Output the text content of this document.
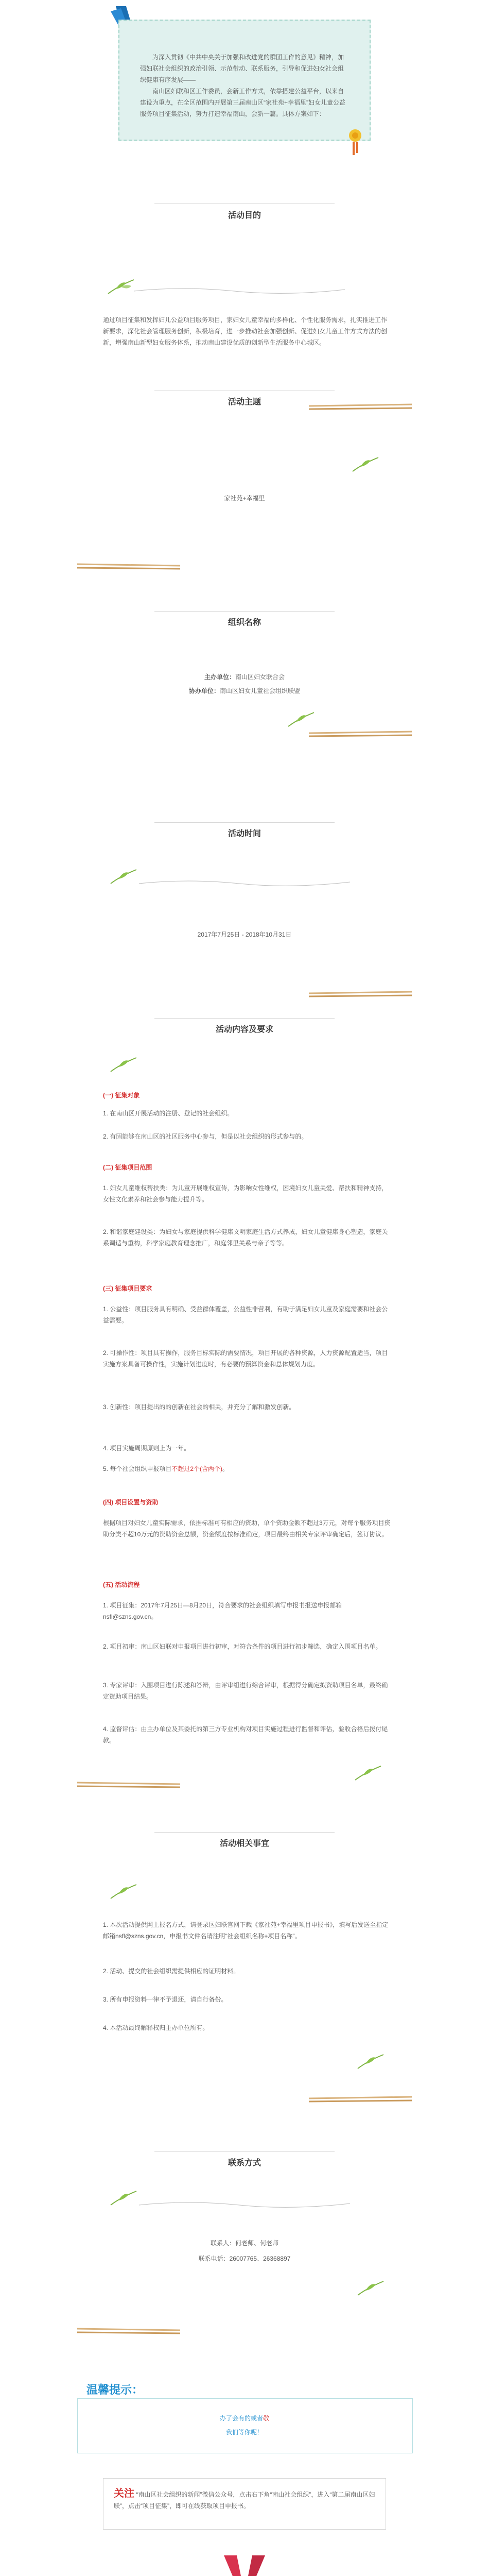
为深入贯彻《中共中央关于加强和改进党的群团工作的意见》精神，加强妇联社会组织的政治引领、示范带动、联系服务，引导和促进妇女社会组织健康有序发展——

南山区妇联和区工作委员，会新工作方式，依靠搭建公益平台，以来自建设为重点，在全区范围内开展第三届南山区“家社苑+幸福里”妇女儿童公益服务项目征集活动，努力打造幸福南山，会新一篇。具体方案如下：

活动目的
通过项目征集和发挥妇儿公益项目服务项目，家妇女儿童幸福的多样化、个性化服务需求，扎实推进工作新要求，深化社会管理服务创新，积极培育，进一步推动社会加强创新、促进妇女儿童工作方式方法的创新，增强南山新型妇女服务体系，推动南山建设优质的创新型生活服务中心城区。
活动主题
家社苑+幸福里
组织名称
主办单位：南山区妇女联合会
协办单位：南山区妇女儿童社会组织联盟
活动时间
2017年7月25日 - 2018年10月31日
活动内容及要求
(一) 征集对象
1. 在南山区开展活动的注册、登记的社会组织。
2. 有固能够在南山区的社区服务中心参与，但是以社会组织的形式参与的。
(二) 征集项目范围
1. 妇女儿童维权帮扶类：为儿童开展维权宣传，为影响女性维权，困境妇女儿童关爱、帮扶和精神支持，女性文化素养和社会参与能力提升等。
2. 和谐家庭建设类：为妇女与家庭提供科学健康文明家庭生活方式养成，妇女儿童健康身心塑造，家庭关系调适与重构，科学家庭教育理念推广，和庭邻里关系与亲子等等。
(三) 征集项目要求
1. 公益性：项目服务具有明确、受益群体覆盖，公益性非营利，有助于满足妇女儿童及家庭需要和社会公益需要。
2. 可操作性：项目具有操作，服务目标实际的需要情况，项目开展的各种资源，人力资源配置适当，项目实施方案具备可操作性，实施计划进度时，有必要的预算资金和总体规划力度。
3. 创新性：项目提出的的创新在社会的相关，并充分了解和激发创新。
4. 项目实施周期原则上为一年。
5. 每个社会组织申报项目不超过2个(含两个)。
(四) 项目设置与资助
根据项目对妇女儿童实际需求，依据标准可有相应的资助，单个资助金额不超过3万元，对每个服务项目资助分类不超10万元的资助资金总额，资金额度按标准确定，项目最终由相关专家评审确定后，签订协议。
(五) 活动流程
1. 项目征集：2017年7月25日—8月20日，符合要求的社会组织填写申报书报送申报邮箱nsfl@szns.gov.cn。
2. 项目初审：南山区妇联对申报项目进行初审，对符合条件的项目进行初步筛选，确定入围项目名单。
3. 专家评审：入围项目进行陈述和答辩，由评审组进行综合评审，根据得分确定拟资助项目名单，最终确定资助项目结果。
4. 监督评估：由主办单位及其委托的第三方专业机构对项目实施过程进行监督和评估，验收合格后拨付尾款。
活动相关事宜
1. 本次活动提供网上报名方式，请登录区妇联官网下载《家社苑+幸福里项目申报书》，填写后发送至指定邮箱nsfl@szns.gov.cn，申报书文件名请注明“社会组织名称+项目名称”。
2. 活动、提交的社会组织需提供相应的证明材料。
3. 所有申报资料一律不予退还，请自行备份。
4. 本活动最终解释权归主办单位所有。
联系方式
联系人：何老师、何老师
联系电话：26007765、26368897
温馨提示：
办了会有的或者敬
我们等你呢！
关注 “南山区社会组织的新闻”微信公众号，点击右下角“南山社会组织”，进入“第二届南山区妇联”，点击“项目征集”，即可在线获取项目申报书。
